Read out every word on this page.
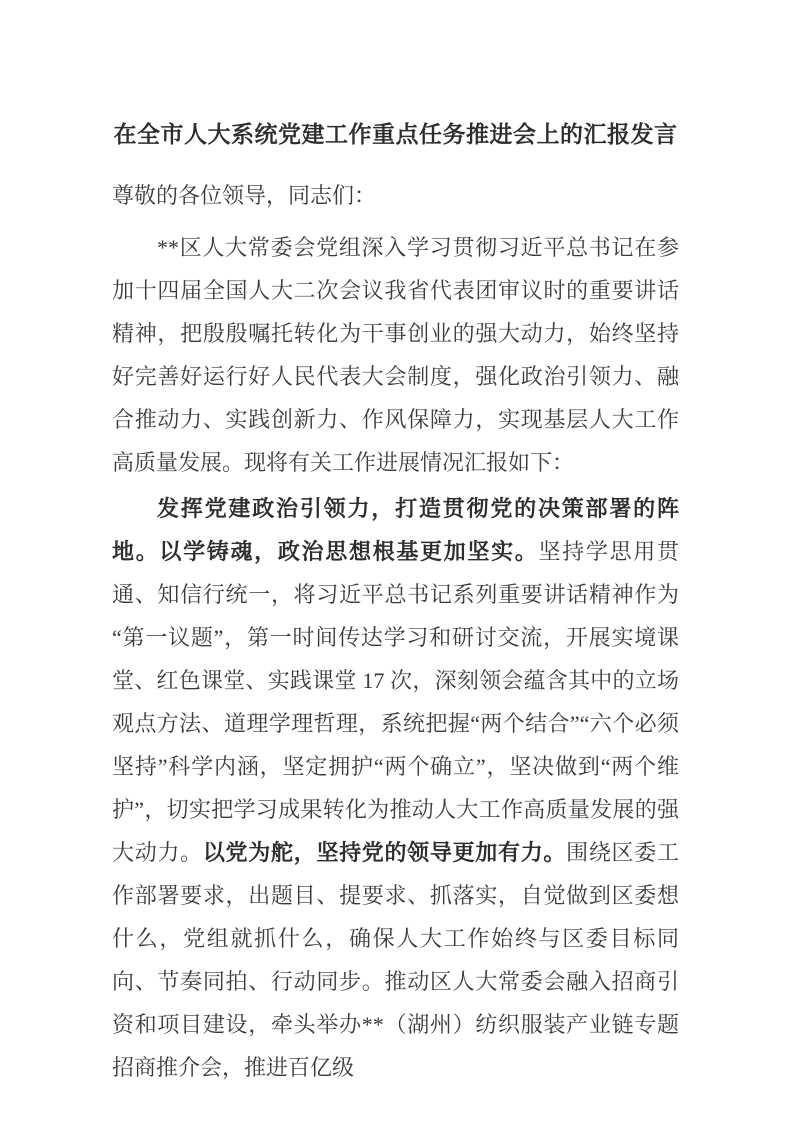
在全市人大系统党建工作重点任务推进会上的汇报发言

尊敬的各位领导，同志们：

**区人大常委会党组深入学习贯彻习近平总书记在参加十四届全国人大二次会议我省代表团审议时的重要讲话精神，把殷殷嘱托转化为干事创业的强大动力，始终坚持好完善好运行好人民代表大会制度，强化政治引领力、融合推动力、实践创新力、作风保障力，实现基层人大工作高质量发展。现将有关工作进展情况汇报如下：

发挥党建政治引领力，打造贯彻党的决策部署的阵地。以学铸魂，政治思想根基更加坚实。坚持学思用贯通、知信行统一，将习近平总书记系列重要讲话精神作为“第一议题”，第一时间传达学习和研讨交流，开展实境课堂、红色课堂、实践课堂 17 次，深刻领会蕴含其中的立场观点方法、道理学理哲理，系统把握“两个结合”“六个必须坚持”科学内涵，坚定拥护“两个确立”，坚决做到“两个维护”，切实把学习成果转化为推动人大工作高质量发展的强大动力。以党为舵，坚持党的领导更加有力。围绕区委工作部署要求，出题目、提要求、抓落实，自觉做到区委想什么，党组就抓什么，确保人大工作始终与区委目标同向、节奏同拍、行动同步。推动区人大常委会融入招商引资和项目建设，牵头举办**（湖州）纺织服装产业链专题招商推介会，推进百亿级
